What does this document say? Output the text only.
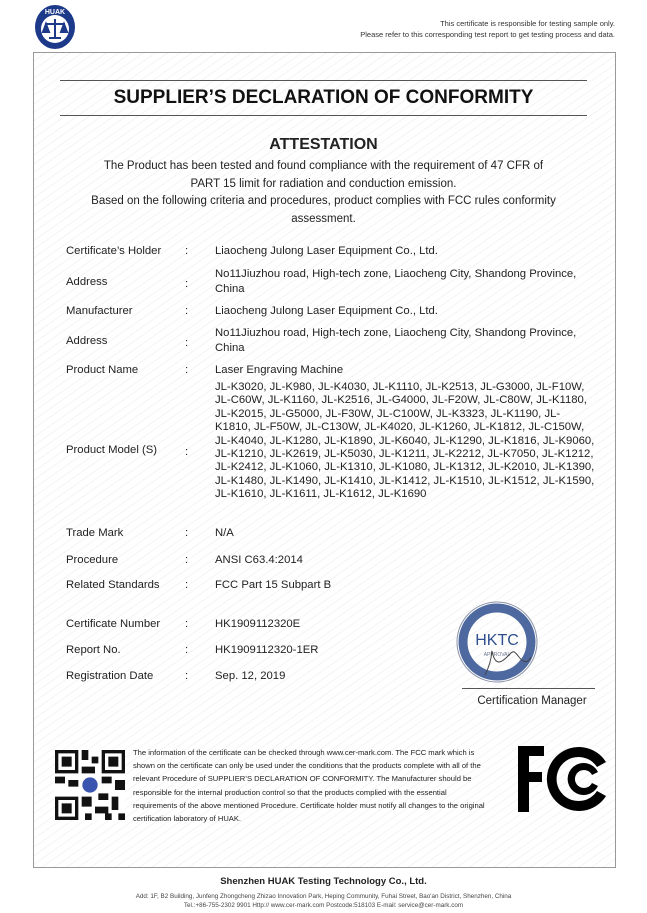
HUAK
This certificate is responsible for testing sample only.
Please refer to this corresponding test report to get testing process and data.
SUPPLIER’S DECLARATION OF CONFORMITY
ATTESTATION
The Product has been tested and found compliance with the requirement of 47 CFR of
PART 15 limit for radiation and conduction emission.
Based on the following criteria and procedures, product complies with FCC rules conformity
assessment.
Certificate’s Holder : Liaocheng Julong Laser Equipment Co., Ltd.
Address	:
No11Jiuzhou road, High-tech zone, Liaocheng City, Shandong Province, China
Manufacturer	: Liaocheng Julong Laser Equipment Co., Ltd.
Address	:
No11Jiuzhou road, High-tech zone, Liaocheng City, Shandong Province, China
Product Name	: Laser Engraving Machine
Product Model (S) :
JL-K3020, JL-K980, JL-K4030, JL-K1110, JL-K2513, JL-G3000, JL-F10W, JL-C60W, JL-K1160, JL-K2516, JL-G4000, JL-F20W, JL-C80W, JL-K1180, JL-K2015, JL-G5000, JL-F30W, JL-C100W, JL-K3323, JL-K1190, JL-K1810, JL-F50W, JL-C130W, JL-K4020, JL-K1260, JL-K1812, JL-C150W, JL-K4040, JL-K1280, JL-K1890, JL-K6040, JL-K1290, JL-K1816, JL-K9060, JL-K1210, JL-K2619, JL-K5030, JL-K1211, JL-K2212, JL-K7050, JL-K1212, JL-K2412, JL-K1060, JL-K1310, JL-K1080, JL-K1312, JL-K2010, JL-K1390, JL-K1480, JL-K1490, JL-K1410, JL-K1412, JL-K1510, JL-K1512, JL-K1590, JL-K1610, JL-K1611, JL-K1612, JL-K1690
Trade Mark	: N/A
Procedure	: ANSI C63.4:2014
Related Standards : FCC Part 15 Subpart B
Certificate Number : HK1909112320E
Report No.	: HK1909112320-1ER
Registration Date	: Sep. 12, 2019
HKTC
APPROVAL
Certification Manager
The information of the certificate can be checked through www.cer-mark.com. The FCC mark which is shown on the certificate can only be used under the conditions that the products complete with all of the relevant Procedure of SUPPLIER’S DECLARATION OF CONFORMITY. The Manufacturer should be responsible for the internal production control so that the products complied with the essential requirements of the above mentioned Procedure. Certificate holder must notify all changes to the original certification laboratory of HUAK.
Shenzhen HUAK Testing Technology Co., Ltd.
Add: 1F, B2 Building, Junfeng Zhongcheng Zhizao Innovation Park, Heping Community, Fuhai Street, Bao'an District, Shenzhen, China
Tel.:+86-755-2302 9901 Http:// www.cer-mark.com Postcode:518103 E-mail: service@cer-mark.com
